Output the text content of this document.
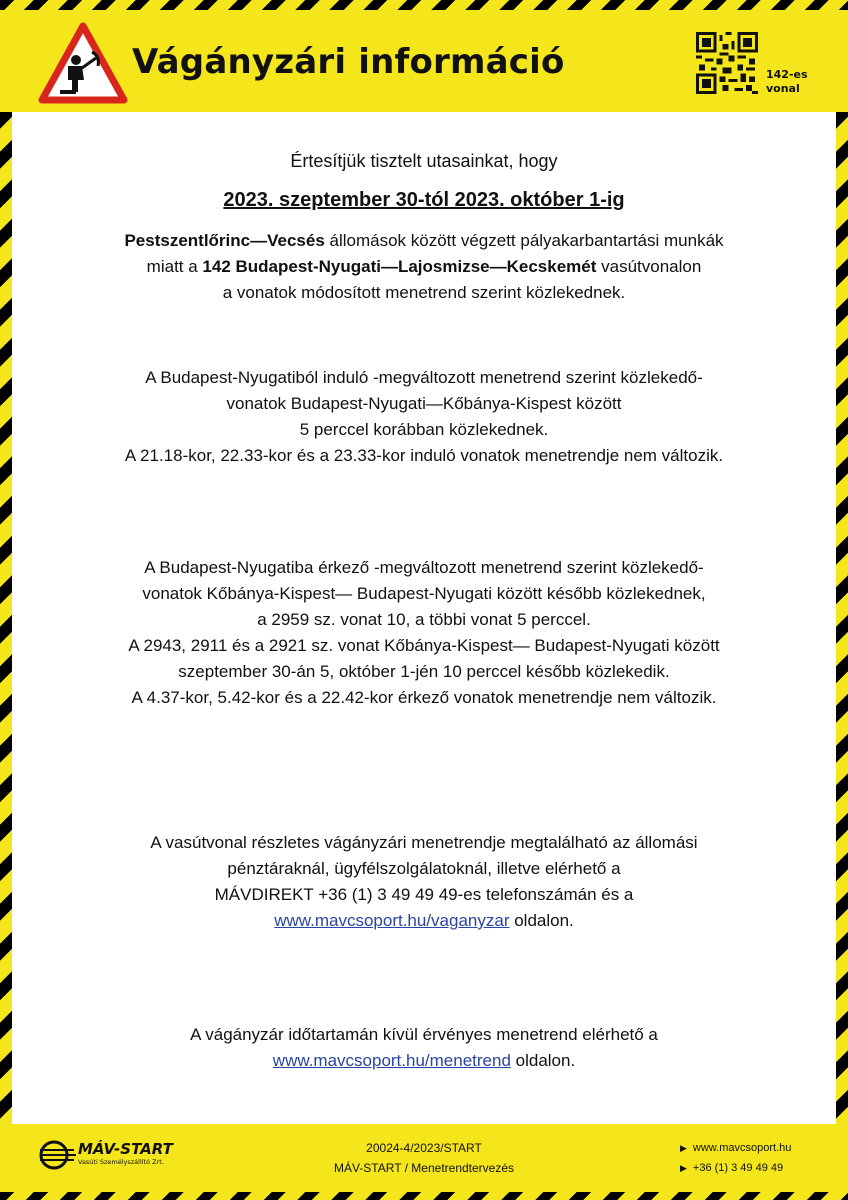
Vágányzári információ	142-es
vonal
Értesítjük tisztelt utasainkat, hogy
2023. szeptember 30-tól 2023. október 1-ig
Pestszentlőrinc—Vecsés állomások között végzett pályakarbantartási munkák
miatt a 142 Budapest-Nyugati—Lajosmizse—Kecskemét vasútvonalon
a vonatok módosított menetrend szerint közlekednek.
A Budapest-Nyugatiból induló -megváltozott menetrend szerint közlekedő-
vonatok Budapest-Nyugati—Kőbánya-Kispest között
5 perccel korábban közlekednek.
A 21.18-kor, 22.33-kor és a 23.33-kor induló vonatok menetrendje nem változik.
A Budapest-Nyugatiba érkező -megváltozott menetrend szerint közlekedő-
vonatok Kőbánya-Kispest— Budapest-Nyugati között később közlekednek,
a 2959 sz. vonat 10, a többi vonat 5 perccel.
A 2943, 2911 és a 2921 sz. vonat Kőbánya-Kispest— Budapest-Nyugati között
szeptember 30-án 5, október 1-jén 10 perccel később közlekedik.
A 4.37-kor, 5.42-kor és a 22.42-kor érkező vonatok menetrendje nem változik.
A vasútvonal részletes vágányzári menetrendje megtalálható az állomási
pénztáraknál, ügyfélszolgálatoknál, illetve elérhető a
MÁVDIREKT +36 (1) 3 49 49 49-es telefonszámán és a
www.mavcsoport.hu/vaganyzar oldalon.
A vágányzár időtartamán kívül érvényes menetrend elérhető a
www.mavcsoport.hu/menetrend oldalon.
MÁV-START
Vasúti Személyszállító Zrt.
20024-4/2023/START
MÁV-START / Menetrendtervezés
▶ www.mavcsoport.hu
▶ +36 (1) 3 49 49 49
